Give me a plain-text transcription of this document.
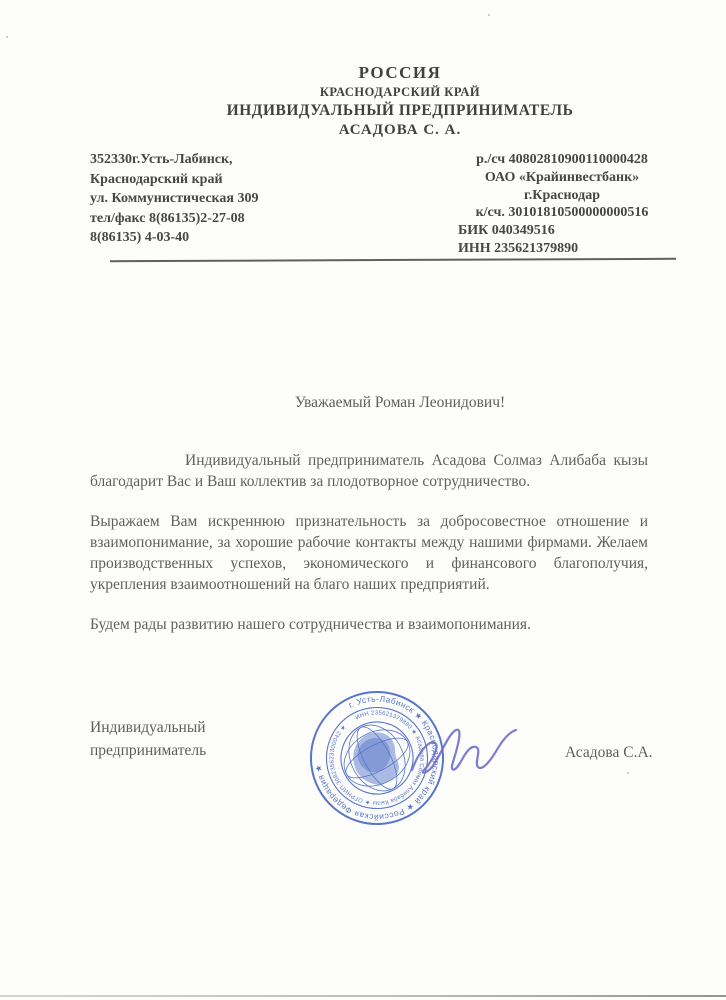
РОССИЯ
КРАСНОДАРСКИЙ КРАЙ
ИНДИВИДУАЛЬНЫЙ ПРЕДПРИНИМАТЕЛЬ
АСАДОВА С. А.
352330г.Усть-Лабинск,
Краснодарский край
ул. Коммунистическая 309
тел/факс 8(86135)2-27-08
8(86135) 4-03-40
р./сч 40802810900110000428
ОАО «Крайинвестбанк»
г.Краснодар
к/сч. 30101810500000000516
БИК 040349516
ИНН 235621379890
Уважаемый Роман Леонидович!

Индивидуальный предприниматель Асадова Солмаз Алибаба кызы благодарит Вас и Ваш коллектив за плодотворное сотрудничество.

Выражаем Вам искреннюю признательность за добросовестное отношение и взаимопонимание, за хорошие рабочие контакты между нашими фирмами. Желаем производственных успехов, экономического и финансового благополучия, укрепления взаимоотношений на благо наших предприятий.

Будем рады развитию нашего сотрудничества и взаимопонимания.

Индивидуальный
предприниматель	Асадова С.А.
г. Усть-Лабинск ★ Краснодарский край ★ Российская Федерация ★
ИНН 235621379890 ★ Асадова Солмаз Алибаба Кызы ★ ОГРНИП 308235623300042 ★
